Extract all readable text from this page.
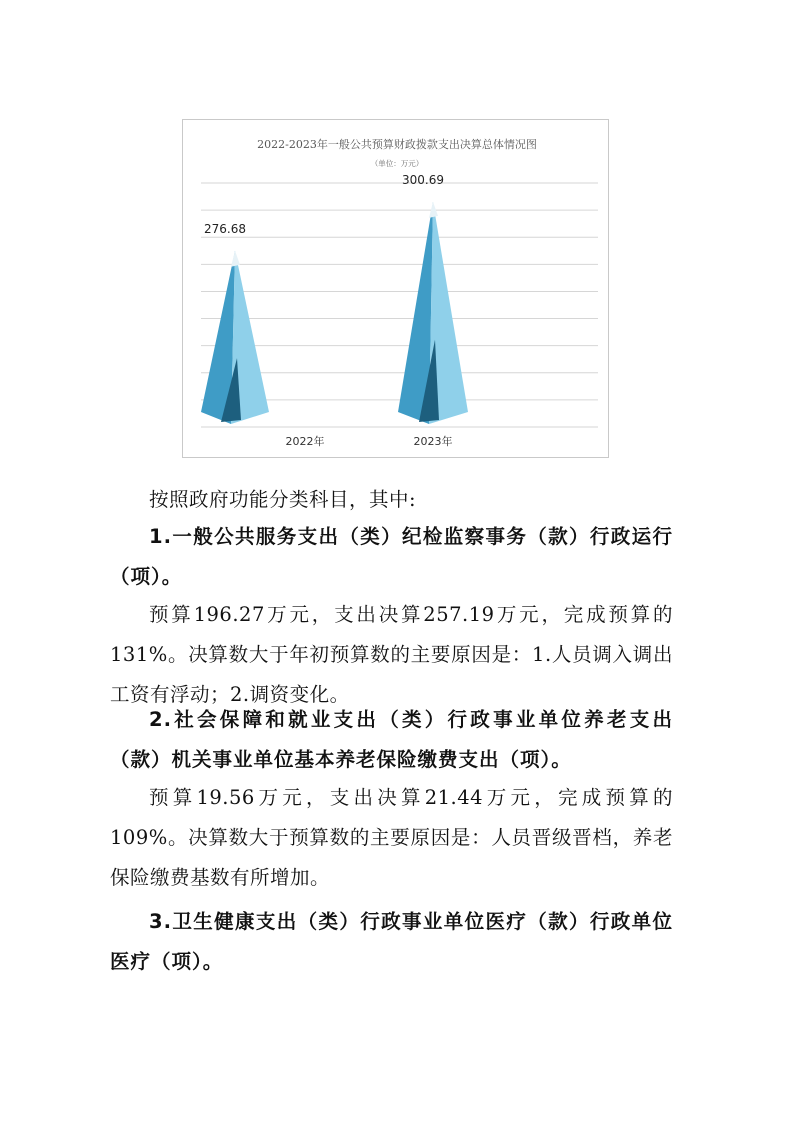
2022-2023年一般公共预算财政拨款支出决算总体情况图
（单位：万元）
276.68
2022年
300.69
2023年
按照政府功能分类科目，其中:
1.一般公共服务支出（类）纪检监察事务（款）行政运行（项）。
预算196.27万元，支出决算257.19万元，完成预算的131%。决算数大于年初预算数的主要原因是：1.人员调入调出工资有浮动；2.调资变化。
2.社会保障和就业支出（类）行政事业单位养老支出（款）机关事业单位基本养老保险缴费支出（项）。
预算19.56万元，支出决算21.44万元，完成预算的109%。决算数大于预算数的主要原因是：人员晋级晋档，养老保险缴费基数有所增加。
3.卫生健康支出（类）行政事业单位医疗（款）行政单位医疗（项）。
